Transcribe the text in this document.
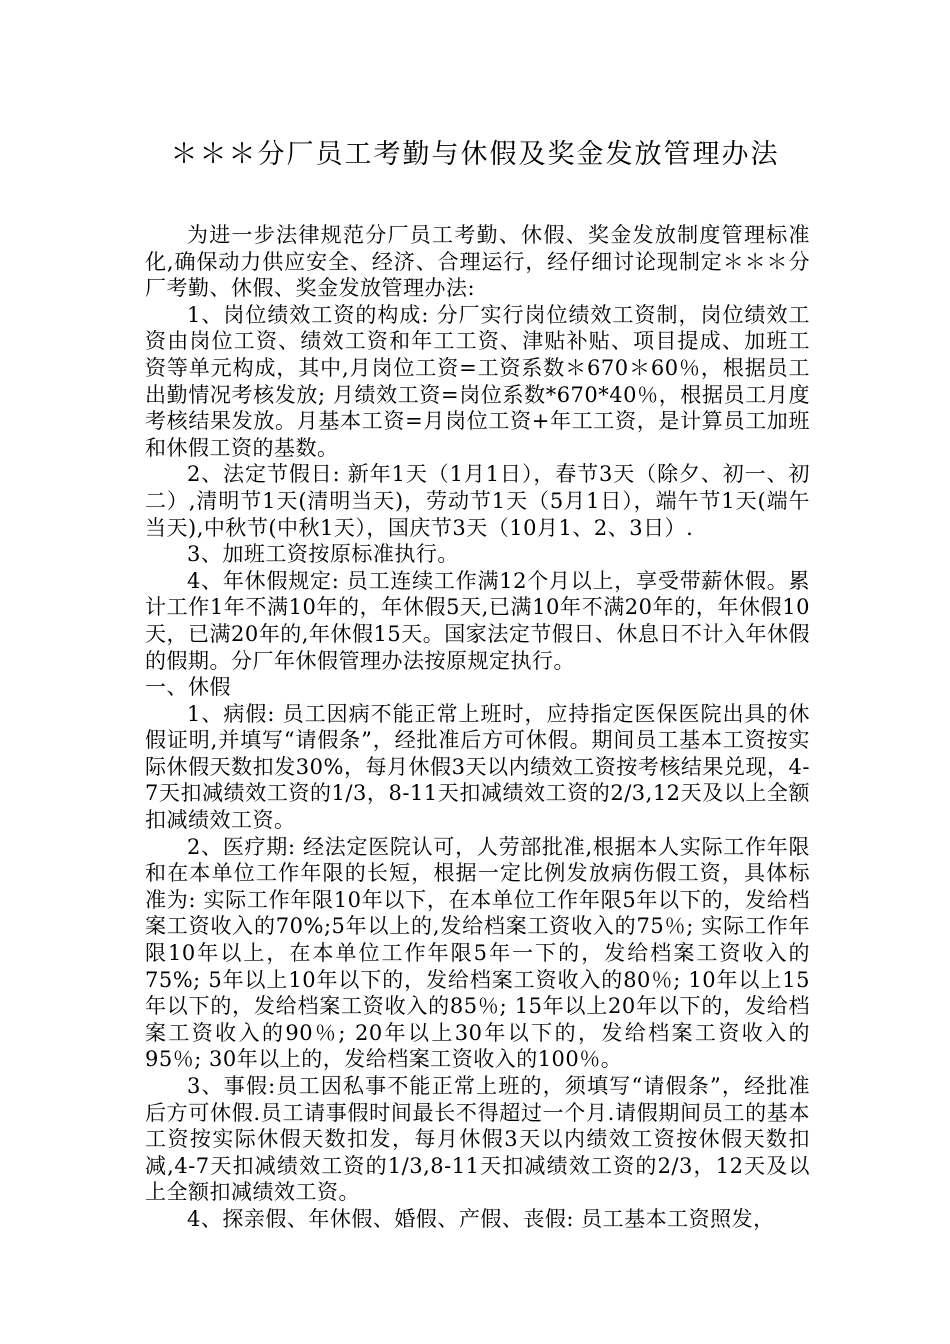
＊＊＊分厂员工考勤与休假及奖金发放管理办法

为进一步法律规范分厂员工考勤、休假、奖金发放制度管理标准化,确保动力供应安全、经济、合理运行，经仔细讨论现制定＊＊＊分厂考勤、休假、奖金发放管理办法:

1、岗位绩效工资的构成: 分厂实行岗位绩效工资制，岗位绩效工资由岗位工资、绩效工资和年工工资、津贴补贴、项目提成、加班工资等单元构成，其中,月岗位工资=工资系数＊670＊60％，根据员工出勤情况考核发放; 月绩效工资=岗位系数*670*40％，根据员工月度考核结果发放。月基本工资=月岗位工资+年工工资，是计算员工加班和休假工资的基数。

2、法定节假日: 新年1天（1月1日），春节3天（除夕、初一、初二）,清明节1天(清明当天)，劳动节1天（5月1日），端午节1天(端午当天),中秋节(中秋1天），国庆节3天（10月1、2、3日）.

3、加班工资按原标准执行。

4、年休假规定: 员工连续工作满12个月以上，享受带薪休假。累计工作1年不满10年的，年休假5天,已满10年不满20年的，年休假10天，已满20年的,年休假15天。国家法定节假日、休息日不计入年休假的假期。分厂年休假管理办法按原规定执行。

一、休假

1、病假: 员工因病不能正常上班时，应持指定医保医院出具的休假证明,并填写“请假条”，经批准后方可休假。期间员工基本工资按实际休假天数扣发30%，每月休假3天以内绩效工资按考核结果兑现，4-7天扣减绩效工资的1/3，8-11天扣减绩效工资的2/3,12天及以上全额扣减绩效工资。

2、医疗期: 经法定医院认可，人劳部批准,根据本人实际工作年限和在本单位工作年限的长短，根据一定比例发放病伤假工资，具体标准为: 实际工作年限10年以下，在本单位工作年限5年以下的，发给档案工资收入的70%;5年以上的,发给档案工资收入的75％; 实际工作年限10年以上，在本单位工作年限5年一下的，发给档案工资收入的75%; 5年以上10年以下的，发给档案工资收入的80％; 10年以上15年以下的，发给档案工资收入的85％; 15年以上20年以下的，发给档案工资收入的90％; 20年以上30年以下的，发给档案工资收入的95％; 30年以上的，发给档案工资收入的100％。

3、事假:员工因私事不能正常上班的，须填写“请假条”，经批准后方可休假.员工请事假时间最长不得超过一个月.请假期间员工的基本工资按实际休假天数扣发，每月休假3天以内绩效工资按休假天数扣减,4-7天扣减绩效工资的1/3,8-11天扣减绩效工资的2/3，12天及以上全额扣减绩效工资。

4、探亲假、年休假、婚假、产假、丧假: 员工基本工资照发，
